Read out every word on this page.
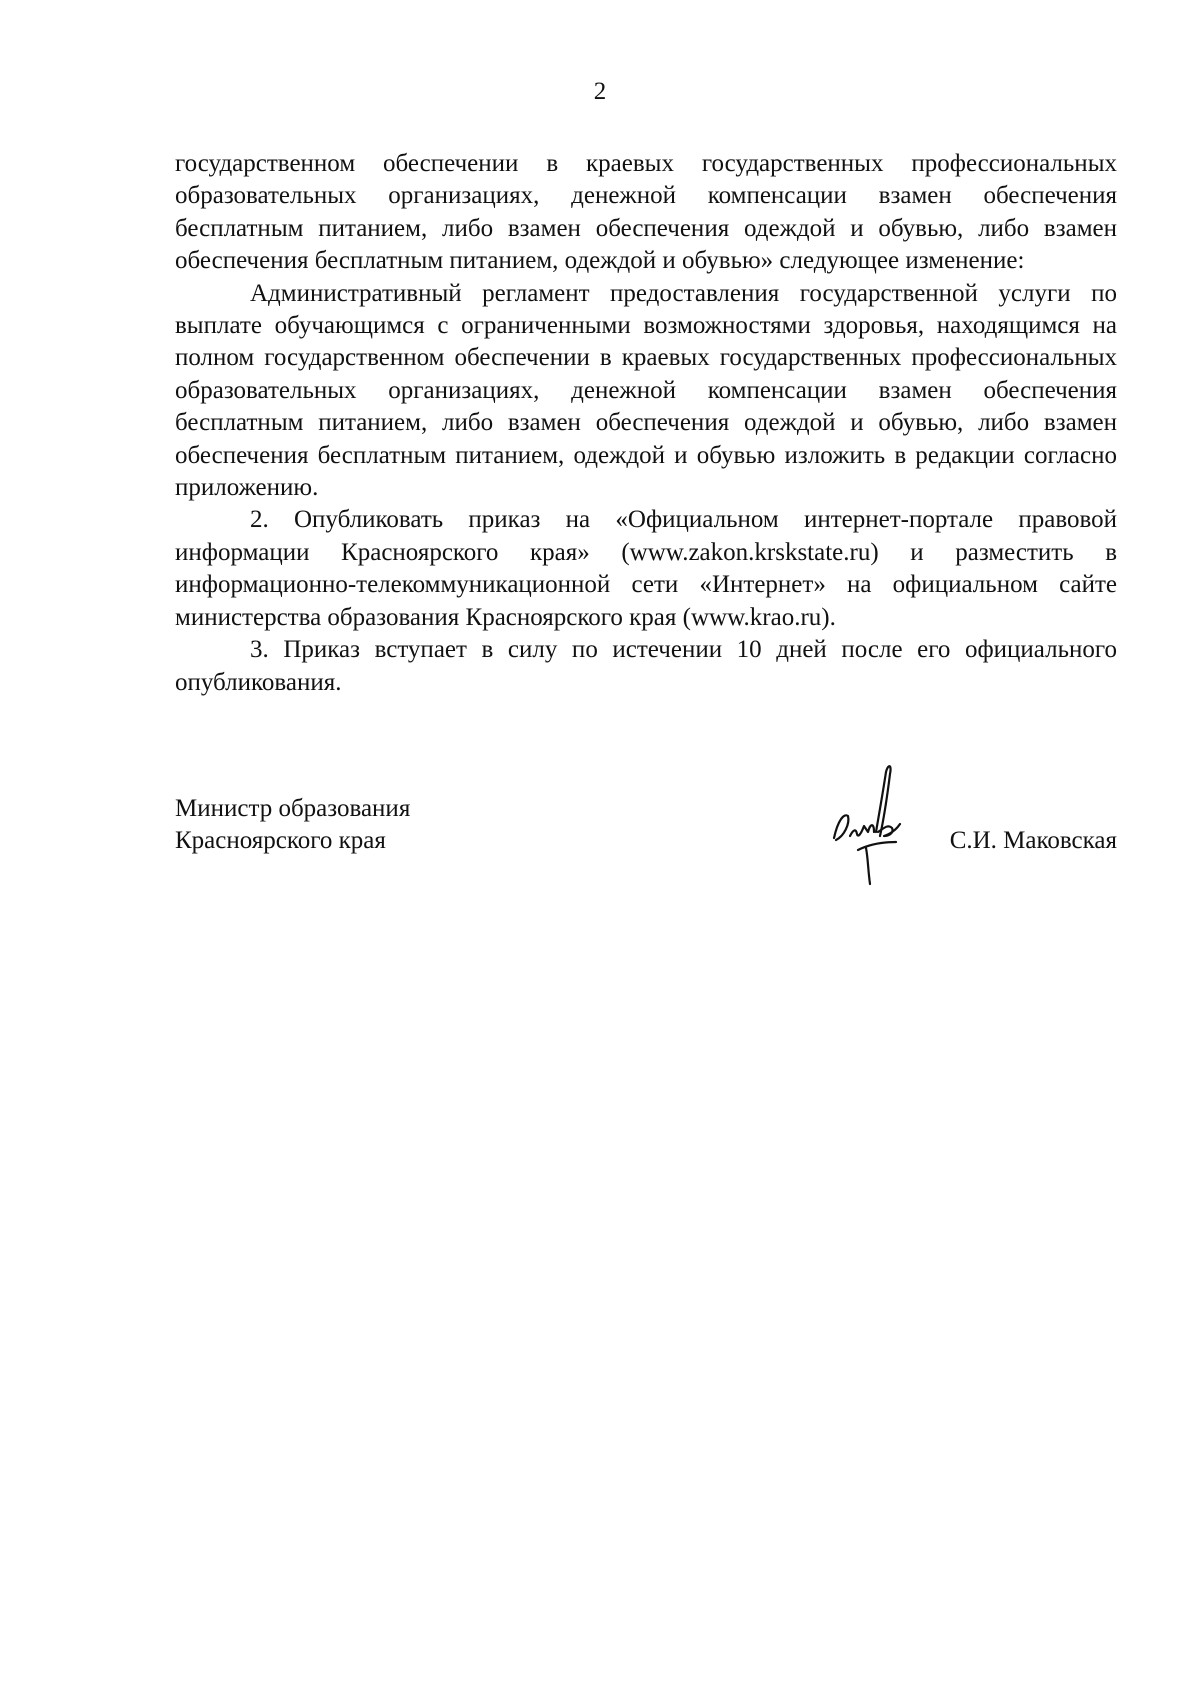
2

государственном обеспечении в краевых государственных профессиональных образовательных организациях, денежной компенсации взамен обеспечения бесплатным питанием, либо взамен обеспечения одеждой и обувью, либо взамен обеспечения бесплатным питанием, одеждой и обувью» следующее изменение:

Административный регламент предоставления государственной услуги по выплате обучающимся с ограниченными возможностями здоровья, находящимся на полном государственном обеспечении в краевых государственных профессиональных образовательных организациях, денежной компенсации взамен обеспечения бесплатным питанием, либо взамен обеспечения одеждой и обувью, либо взамен обеспечения бесплатным питанием, одеждой и обувью изложить в редакции согласно приложению.

2. Опубликовать приказ на «Официальном интернет-портале правовой информации Красноярского края» (www.zakon.krskstate.ru) и разместить в информационно-телекоммуникационной сети «Интернет» на официальном сайте министерства образования Красноярского края (www.krao.ru).

3. Приказ вступает в силу по истечении 10 дней после его официального опубликования.

Министр образования
Красноярского края	С.И. Маковская
